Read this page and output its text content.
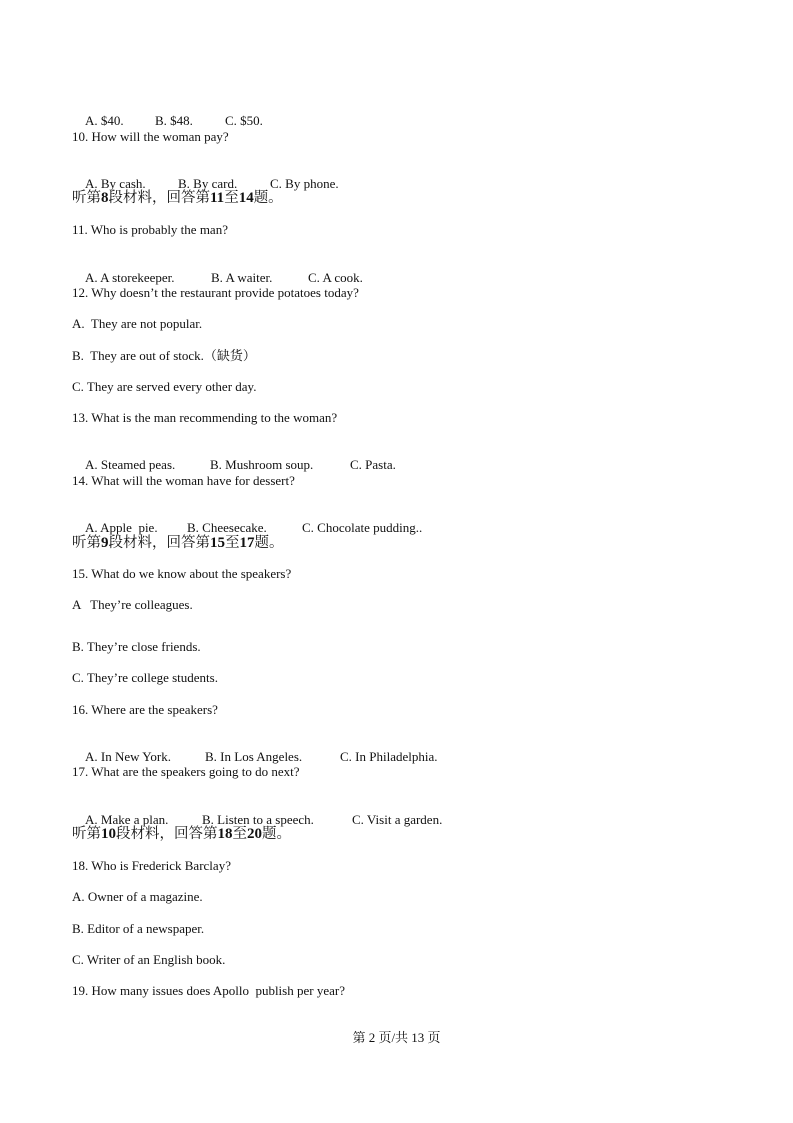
A. $40. B. $48. C. $50.

10. How will the woman pay?

A. By cash. B. By card.	C. By phone.

听第8段材料，回答第11至14题。
11. Who is probably the man?

A. A storekeeper.	B. A waiter.	C. A cook.

12. Why doesn’t the restaurant provide potatoes today?
A.  They are not popular.
B.  They are out of stock.（缺货）
C. They are served every other day.
13. What is the man recommending to the woman?

A. Steamed peas.	B. Mushroom soup.	C. Pasta.

14. What will the woman have for dessert?

A. Apple  pie. B. Cheesecake.	C. Chocolate pudding..

听第9段材料，回答第15至17题。
15. What do we know about the speakers?
A   They’re colleagues.
B. They’re close friends.
C. They’re college students.
16. Where are the speakers?

A. In New York.	B. In Los Angeles.	C. In Philadelphia.

17. What are the speakers going to do next?

A. Make a plan.	B. Listen to a speech.	C. Visit a garden.

听第10段材料，回答第18至20题。
18. Who is Frederick Barclay?
A. Owner of a magazine.
B. Editor of a newspaper.
C. Writer of an English book.
19. How many issues does Apollo  publish per year?
第 2 页/共 13 页
